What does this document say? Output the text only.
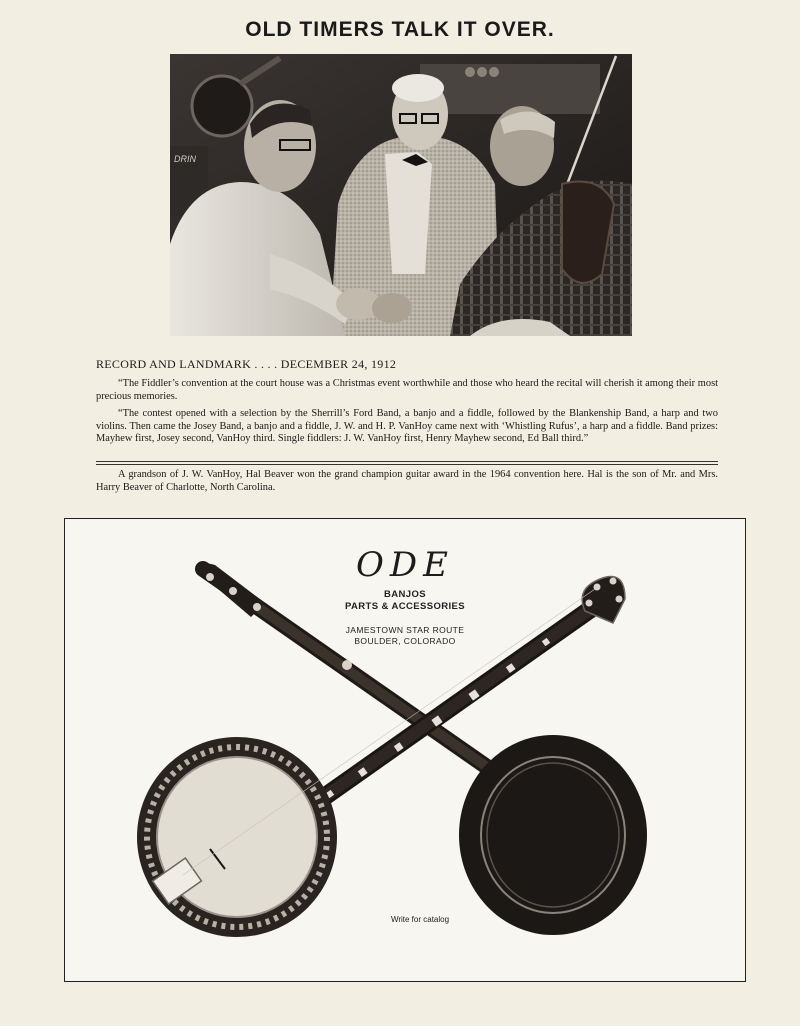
OLD TIMERS TALK IT OVER.
DRIN

RECORD AND LANDMARK . . . . DECEMBER 24, 1912

“The Fiddler’s convention at the court house was a Christmas event worthwhile and those who heard the recital will cherish it among their most precious memories.

“The contest opened with a selection by the Sherrill’s Ford Band, a banjo and a fiddle, followed by the Blankenship Band, a harp and two violins. Then came the Josey Band, a banjo and a fiddle, J. W. and H. P. VanHoy came next with ‘Whistling Rufus’, a harp and a fiddle. Band prizes: Mayhew first, Josey second, VanHoy third. Single fiddlers: J. W. VanHoy first, Henry Mayhew second, Ed Ball third.”

A grandson of J. W. VanHoy, Hal Beaver won the grand champion guitar award in the 1964 convention here. Hal is the son of Mr. and Mrs. Harry Beaver of Charlotte, North Carolina.

ODE
BANJOS
PARTS & ACCESSORIES
JAMESTOWN STAR ROUTE
BOULDER, COLORADO
Write for catalog
